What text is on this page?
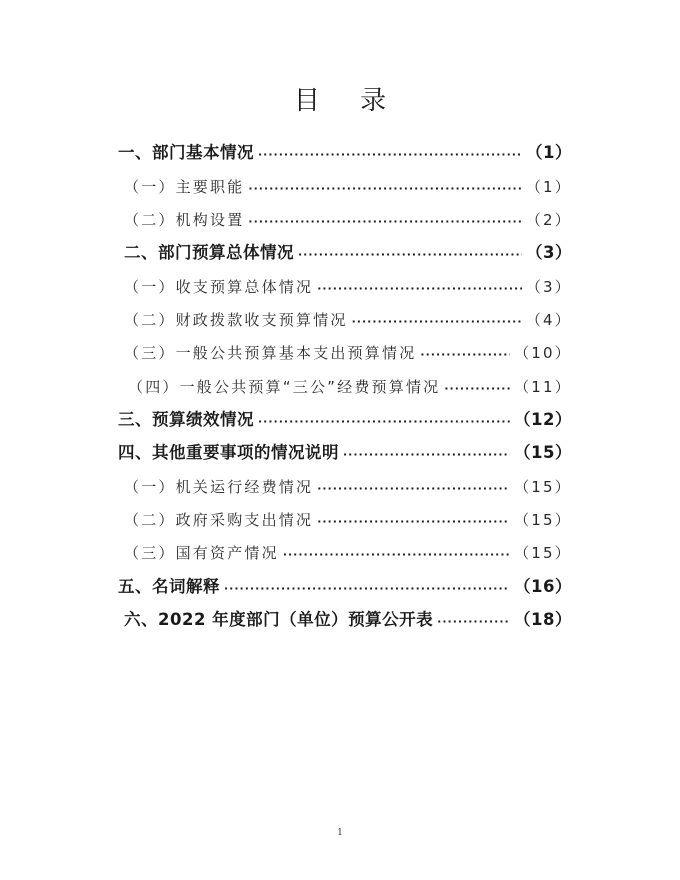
目 录
一、部门基本情况 ·····	（1）
（一）主要职能 ·····	（1）
（二）机构设置 ·····	（2）
二、部门预算总体情况 ·····	（3）
（一）收支预算总体情况 ·····	（3）
（二）财政拨款收支预算情况 ·····	（4）
（三）一般公共预算基本支出预算情况 ·····	（10）
（四）一般公共预算“三公”经费预算情况 ·····	（11）
三、预算绩效情况 ·····	（12）
四、其他重要事项的情况说明 ·····	（15）
（一）机关运行经费情况 ·····	（15）
（二）政府采购支出情况 ·····	（15）
（三）国有资产情况 ·····	（15）
五、名词解释 ·····	（16）
六、2022 年度部门（单位）预算公开表 ·····	（18）
1
